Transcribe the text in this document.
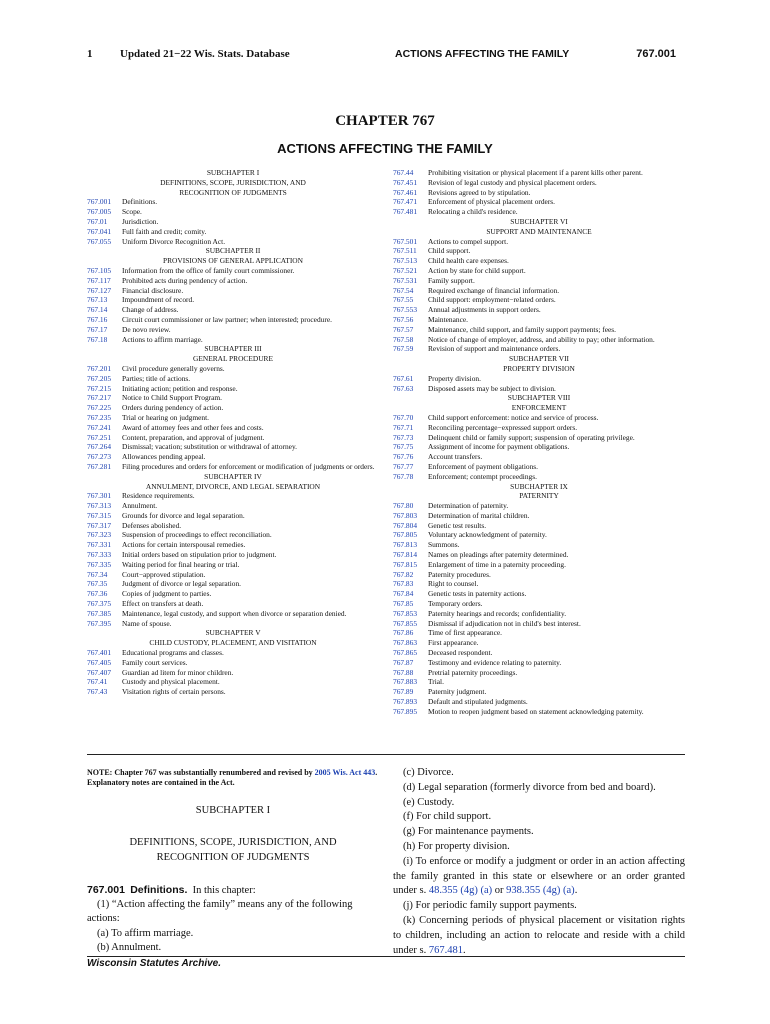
1	Updated 21−22 Wis. Stats. Database	ACTIONS AFFECTING THE FAMILY	767.001
CHAPTER 767
ACTIONS AFFECTING THE FAMILY
SUBCHAPTER I
DEFINITIONS, SCOPE, JURISDICTION, AND
RECOGNITION OF JUDGMENTS
767.001	Definitions.
767.005	Scope.
767.01	Jurisdiction.
767.041	Full faith and credit; comity.
767.055	Uniform Divorce Recognition Act.
SUBCHAPTER II
PROVISIONS OF GENERAL APPLICATION
767.105	Information from the office of family court commissioner.
767.117	Prohibited acts during pendency of action.
767.127	Financial disclosure.
767.13	Impoundment of record.
767.14	Change of address.
767.16	Circuit court commissioner or law partner; when interested; procedure.
767.17	De novo review.
767.18	Actions to affirm marriage.
SUBCHAPTER III
GENERAL PROCEDURE
767.201	Civil procedure generally governs.
767.205	Parties; title of actions.
767.215	Initiating action; petition and response.
767.217	Notice to Child Support Program.
767.225	Orders during pendency of action.
767.235	Trial or hearing on judgment.
767.241	Award of attorney fees and other fees and costs.
767.251	Content, preparation, and approval of judgment.
767.264	Dismissal; vacation; substitution or withdrawal of attorney.
767.273	Allowances pending appeal.
767.281	Filing procedures and orders for enforcement or modification of judgments or orders.
SUBCHAPTER IV
ANNULMENT, DIVORCE, AND LEGAL SEPARATION
767.301	Residence requirements.
767.313	Annulment.
767.315	Grounds for divorce and legal separation.
767.317	Defenses abolished.
767.323	Suspension of proceedings to effect reconciliation.
767.331	Actions for certain interspousal remedies.
767.333	Initial orders based on stipulation prior to judgment.
767.335	Waiting period for final hearing or trial.
767.34	Court−approved stipulation.
767.35	Judgment of divorce or legal separation.
767.36	Copies of judgment to parties.
767.375	Effect on transfers at death.
767.385	Maintenance, legal custody, and support when divorce or separation denied.
767.395	Name of spouse.
SUBCHAPTER V
CHILD CUSTODY, PLACEMENT, AND VISITATION
767.401	Educational programs and classes.
767.405	Family court services.
767.407	Guardian ad litem for minor children.
767.41	Custody and physical placement.
767.43	Visitation rights of certain persons.
767.44	Prohibiting visitation or physical placement if a parent kills other parent.
767.451	Revision of legal custody and physical placement orders.
767.461	Revisions agreed to by stipulation.
767.471	Enforcement of physical placement orders.
767.481	Relocating a child's residence.
SUBCHAPTER VI
SUPPORT AND MAINTENANCE
767.501	Actions to compel support.
767.511	Child support.
767.513	Child health care expenses.
767.521	Action by state for child support.
767.531	Family support.
767.54	Required exchange of financial information.
767.55	Child support: employment−related orders.
767.553	Annual adjustments in support orders.
767.56	Maintenance.
767.57	Maintenance, child support, and family support payments; fees.
767.58	Notice of change of employer, address, and ability to pay; other information.
767.59	Revision of support and maintenance orders.
SUBCHAPTER VII
PROPERTY DIVISION
767.61	Property division.
767.63	Disposed assets may be subject to division.
SUBCHAPTER VIII
ENFORCEMENT
767.70	Child support enforcement: notice and service of process.
767.71	Reconciling percentage−expressed support orders.
767.73	Delinquent child or family support; suspension of operating privilege.
767.75	Assignment of income for payment obligations.
767.76	Account transfers.
767.77	Enforcement of payment obligations.
767.78	Enforcement; contempt proceedings.
SUBCHAPTER IX
PATERNITY
767.80	Determination of paternity.
767.803	Determination of marital children.
767.804	Genetic test results.
767.805	Voluntary acknowledgment of paternity.
767.813	Summons.
767.814	Names on pleadings after paternity determined.
767.815	Enlargement of time in a paternity proceeding.
767.82	Paternity procedures.
767.83	Right to counsel.
767.84	Genetic tests in paternity actions.
767.85	Temporary orders.
767.853	Paternity hearings and records; confidentiality.
767.855	Dismissal if adjudication not in child's best interest.
767.86	Time of first appearance.
767.863	First appearance.
767.865	Deceased respondent.
767.87	Testimony and evidence relating to paternity.
767.88	Pretrial paternity proceedings.
767.883	Trial.
767.89	Paternity judgment.
767.893	Default and stipulated judgments.
767.895	Motion to reopen judgment based on statement acknowledging paternity.
NOTE: Chapter 767 was substantially renumbered and revised by 2005 Wis. Act 443. Explanatory notes are contained in the Act.
SUBCHAPTER I
DEFINITIONS, SCOPE, JURISDICTION, AND
RECOGNITION OF JUDGMENTS
767.001 Definitions. In this chapter:
(1) “Action affecting the family” means any of the following actions:
(a) To affirm marriage.
(b) Annulment.
(c) Divorce.
(d) Legal separation (formerly divorce from bed and board).
(e) Custody.
(f) For child support.
(g) For maintenance payments.
(h) For property division.
(i) To enforce or modify a judgment or order in an action affecting the family granted in this state or elsewhere or an order granted under s. 48.355 (4g) (a) or 938.355 (4g) (a).
(j) For periodic family support payments.
(k) Concerning periods of physical placement or visitation rights to children, including an action to relocate and reside with a child under s. 767.481.
Wisconsin Statutes Archive.
